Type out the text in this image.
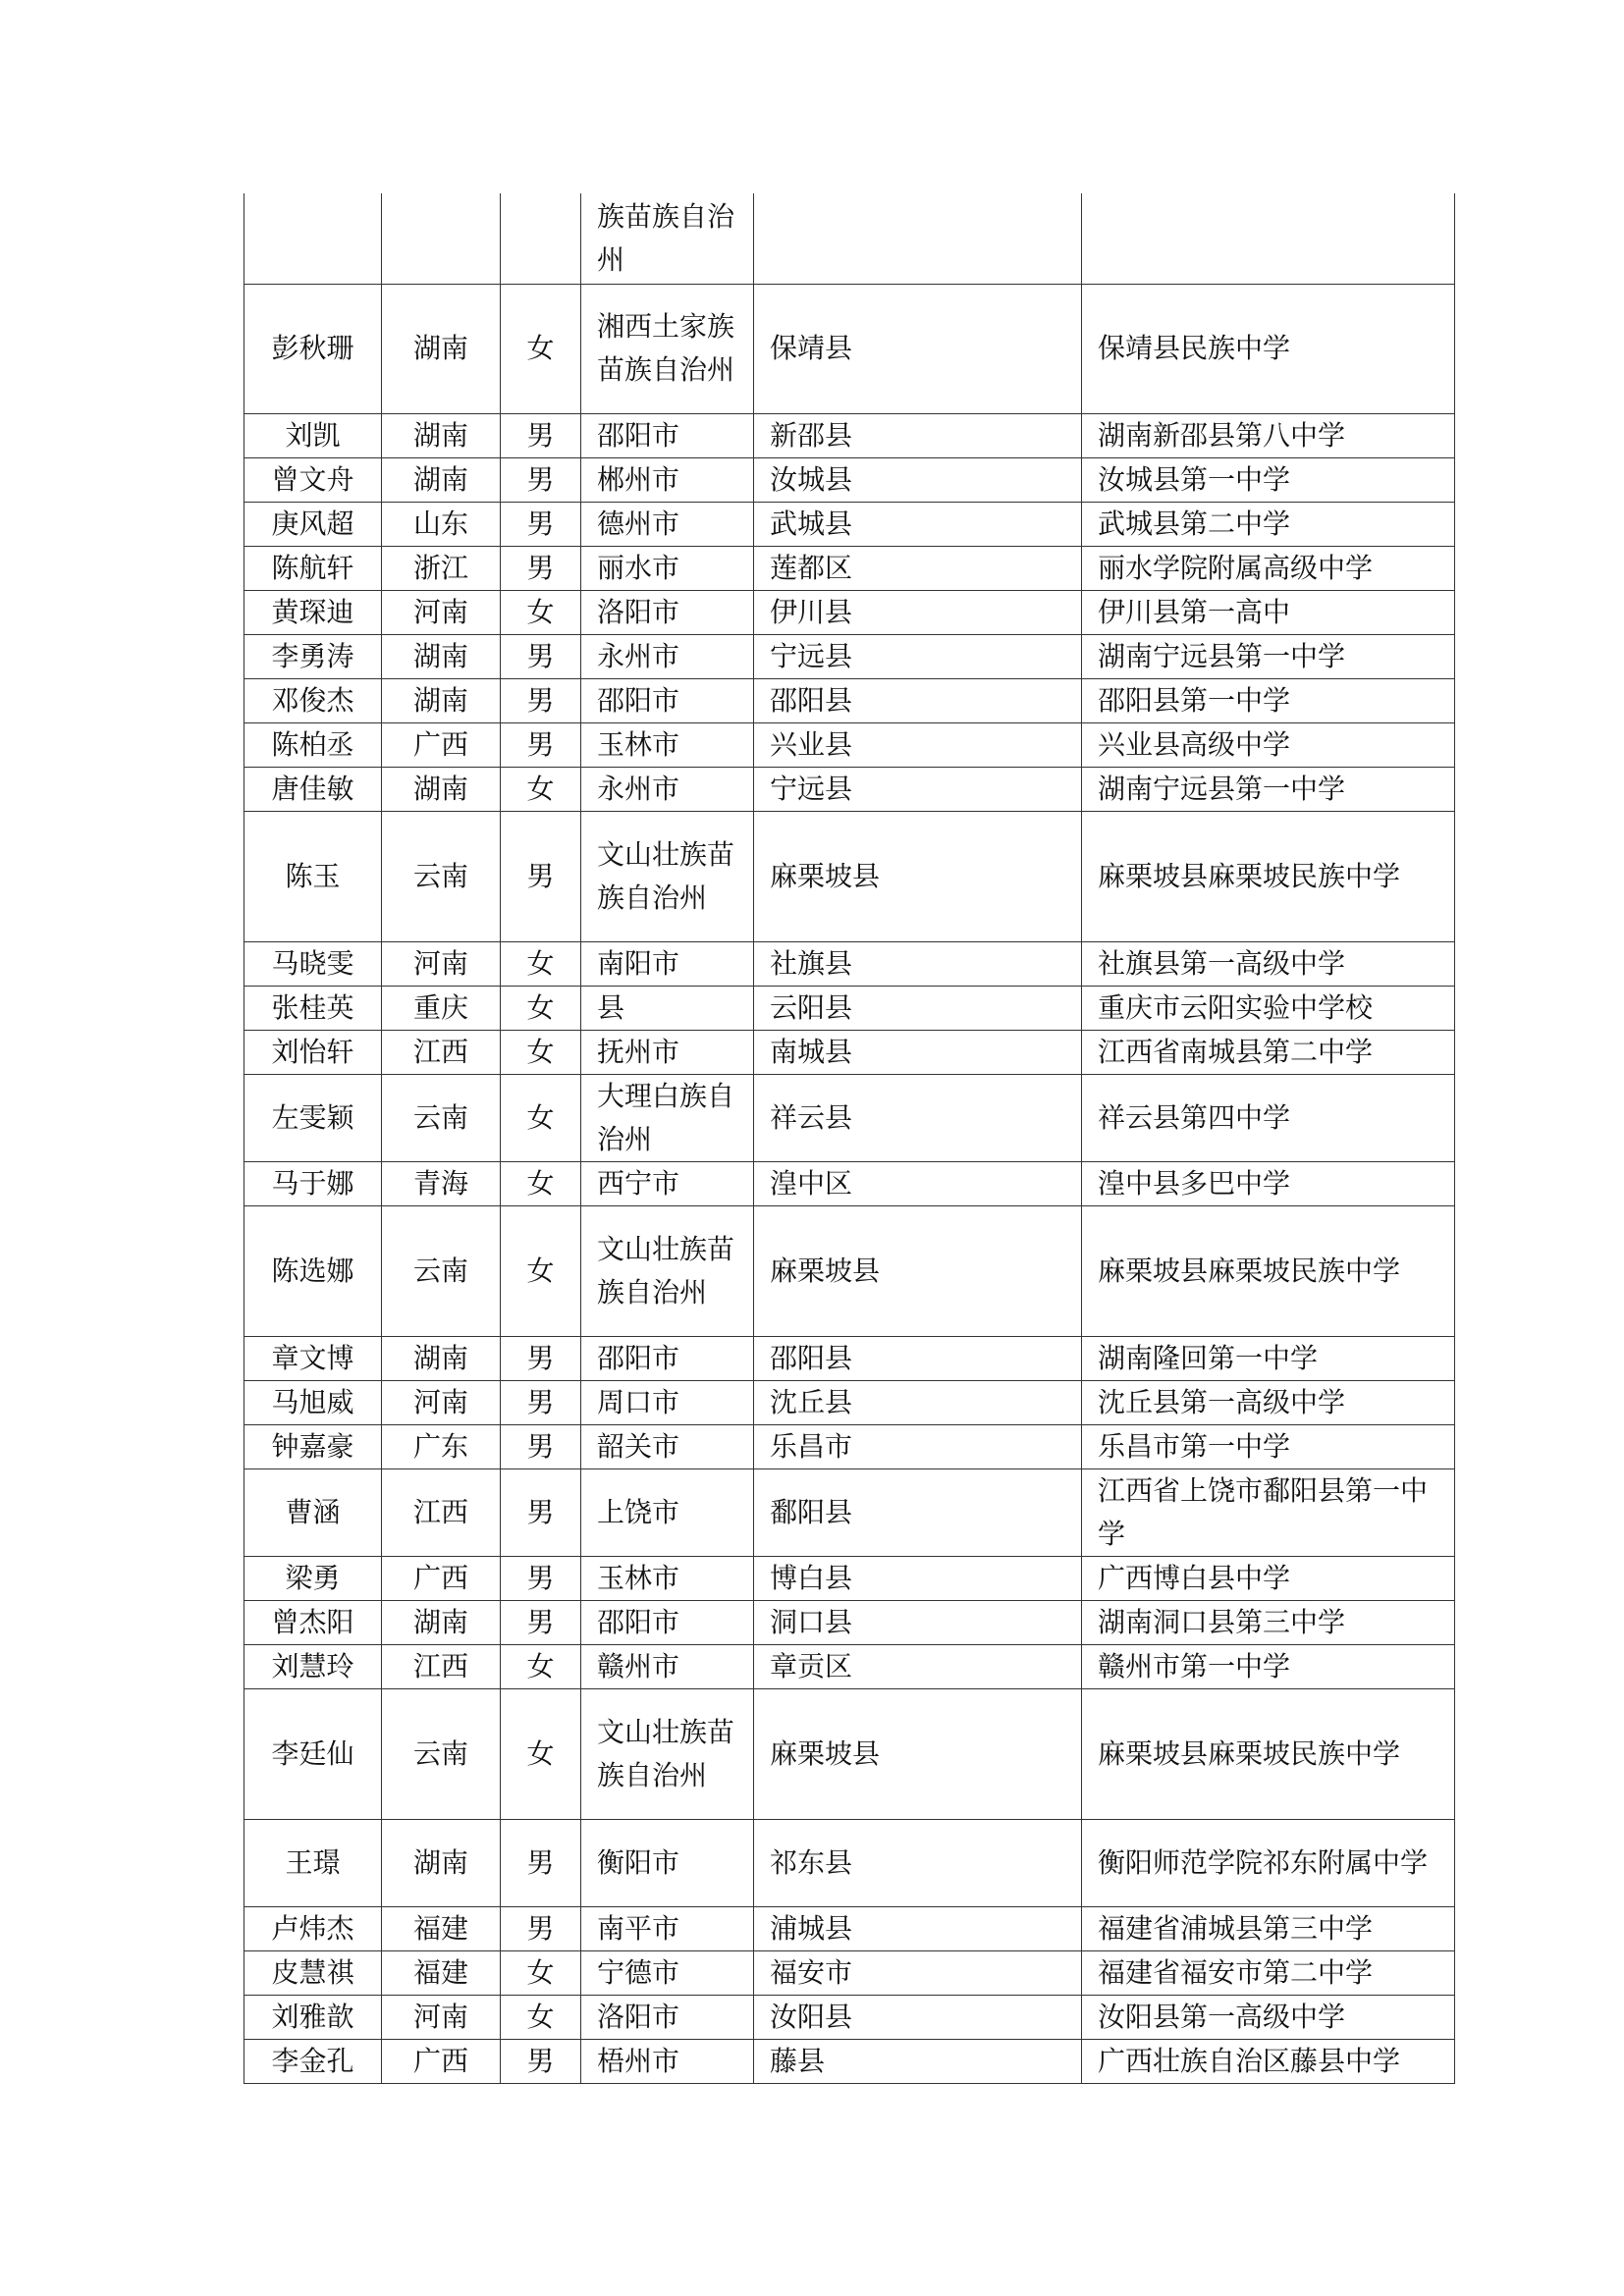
			族苗族自治州		
彭秋珊	湖南	女	湘西土家族苗族自治州	保靖县	保靖县民族中学
刘凯	湖南	男	邵阳市	新邵县	湖南新邵县第八中学
曾文舟	湖南	男	郴州市	汝城县	汝城县第一中学
庚风超	山东	男	德州市	武城县	武城县第二中学
陈航轩	浙江	男	丽水市	莲都区	丽水学院附属高级中学
黄琛迪	河南	女	洛阳市	伊川县	伊川县第一高中
李勇涛	湖南	男	永州市	宁远县	湖南宁远县第一中学
邓俊杰	湖南	男	邵阳市	邵阳县	邵阳县第一中学
陈柏丞	广西	男	玉林市	兴业县	兴业县高级中学
唐佳敏	湖南	女	永州市	宁远县	湖南宁远县第一中学
陈玉	云南	男	文山壮族苗族自治州	麻栗坡县	麻栗坡县麻栗坡民族中学
马晓雯	河南	女	南阳市	社旗县	社旗县第一高级中学
张桂英	重庆	女	县	云阳县	重庆市云阳实验中学校
刘怡轩	江西	女	抚州市	南城县	江西省南城县第二中学
左雯颖	云南	女	大理白族自治州	祥云县	祥云县第四中学
马于娜	青海	女	西宁市	湟中区	湟中县多巴中学
陈选娜	云南	女	文山壮族苗族自治州	麻栗坡县	麻栗坡县麻栗坡民族中学
章文博	湖南	男	邵阳市	邵阳县	湖南隆回第一中学
马旭威	河南	男	周口市	沈丘县	沈丘县第一高级中学
钟嘉豪	广东	男	韶关市	乐昌市	乐昌市第一中学
曹涵	江西	男	上饶市	鄱阳县	江西省上饶市鄱阳县第一中学
梁勇	广西	男	玉林市	博白县	广西博白县中学
曾杰阳	湖南	男	邵阳市	洞口县	湖南洞口县第三中学
刘慧玲	江西	女	赣州市	章贡区	赣州市第一中学
李廷仙	云南	女	文山壮族苗族自治州	麻栗坡县	麻栗坡县麻栗坡民族中学
王璟	湖南	男	衡阳市	祁东县	衡阳师范学院祁东附属中学
卢炜杰	福建	男	南平市	浦城县	福建省浦城县第三中学
皮慧祺	福建	女	宁德市	福安市	福建省福安市第二中学
刘雅歆	河南	女	洛阳市	汝阳县	汝阳县第一高级中学
李金孔	广西	男	梧州市	藤县	广西壮族自治区藤县中学
